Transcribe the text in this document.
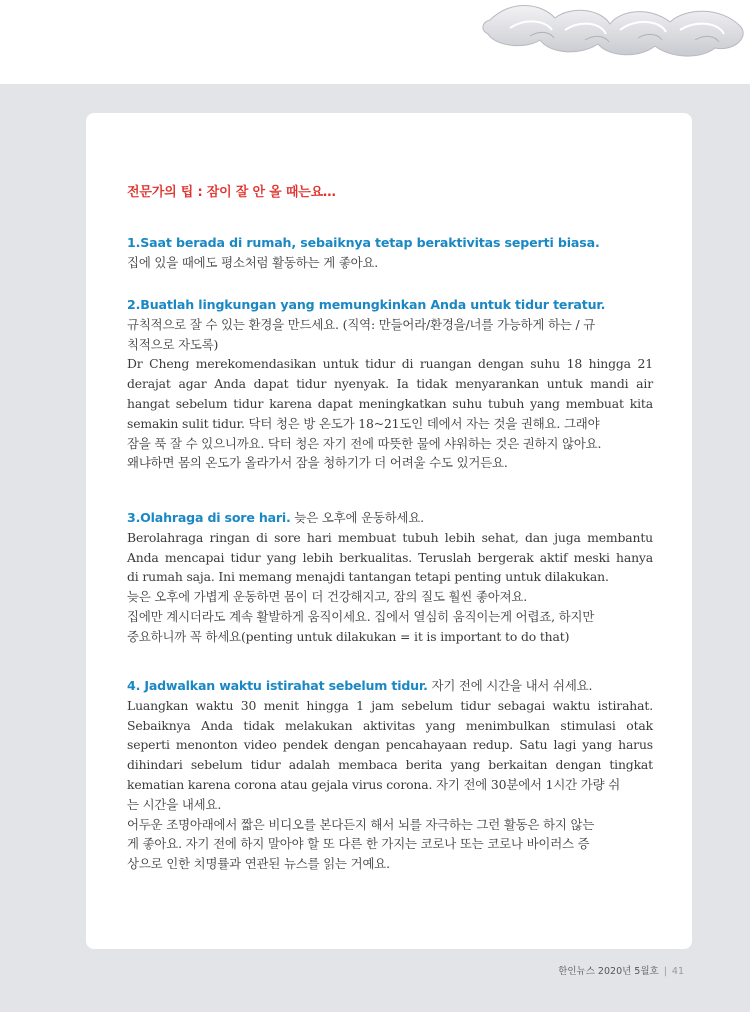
전문가의 팁 : 잠이 잘 안 올 때는요…
1.Saat berada di rumah, sebaiknya tetap beraktivitas seperti biasa.
집에 있을 때에도 평소처럼 활동하는 게 좋아요.
2.Buatlah lingkungan yang memungkinkan Anda untuk tidur teratur.
규칙적으로 잘 수 있는 환경을 만드세요. (직역: 만들어라/환경을/너를 가능하게 하는 / 규
칙적으로 자도록)
Dr Cheng merekomendasikan untuk tidur di ruangan dengan suhu 18 hingga 21
derajat agar Anda dapat tidur nyenyak. Ia tidak menyarankan untuk mandi air
hangat sebelum tidur karena dapat meningkatkan suhu tubuh yang membuat kita
semakin sulit tidur. 닥터 청은 방 온도가 18~21도인 데에서 자는 것을 권해요. 그래야
잠을 푹 잘 수 있으니까요. 닥터 청은 자기 전에 따뜻한 물에 샤워하는 것은 권하지 않아요.
왜냐하면 몸의 온도가 올라가서 잠을 청하기가 더 어려울 수도 있거든요.
3.Olahraga di sore hari. 늦은 오후에 운동하세요.
Berolahraga ringan di sore hari membuat tubuh lebih sehat, dan juga membantu
Anda mencapai tidur yang lebih berkualitas. Teruslah bergerak aktif meski hanya
di rumah saja. Ini memang menajdi tantangan tetapi penting untuk dilakukan.
늦은 오후에 가볍게 운동하면 몸이 더 건강해지고, 잠의 질도 훨씬 좋아져요.
집에만 계시더라도 계속 활발하게 움직이세요. 집에서 열심히 움직이는게 어렵죠, 하지만
중요하니까 꼭 하세요(penting untuk dilakukan = it is important to do that)
4. Jadwalkan waktu istirahat sebelum tidur. 자기 전에 시간을 내서 쉬세요.
Luangkan waktu 30 menit hingga 1 jam sebelum tidur sebagai waktu istirahat.
Sebaiknya Anda tidak melakukan aktivitas yang menimbulkan stimulasi otak
seperti menonton video pendek dengan pencahayaan redup. Satu lagi yang harus
dihindari sebelum tidur adalah membaca berita yang berkaitan dengan tingkat
kematian karena corona atau gejala virus corona. 자기 전에 30분에서 1시간 가량 쉬
는 시간을 내세요.
어두운 조명아래에서 짧은 비디오를 본다든지 해서 뇌를 자극하는 그런 활동은 하지 않는
게 좋아요. 자기 전에 하지 말아야 할 또 다른 한 가지는 코로나 또는 코로나 바이러스 증
상으로 인한 치명률과 연관된 뉴스를 읽는 거예요.
한인뉴스 2020년 5월호 | 41
